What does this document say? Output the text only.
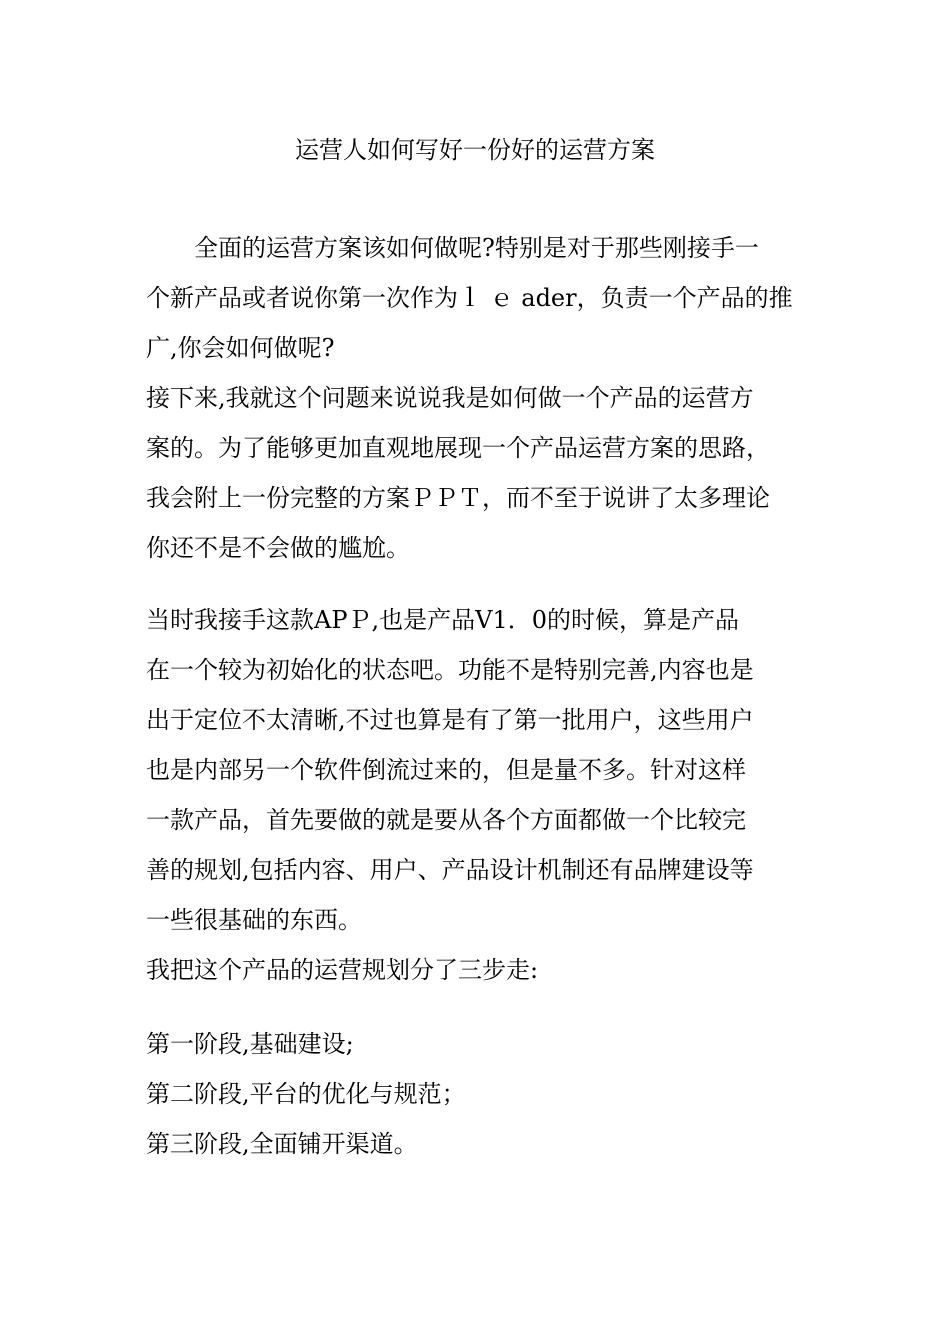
运营人如何写好一份好的运营方案
全面的运营方案该如何做呢?特别是对于那些刚接手一
个新产品或者说你第一次作为ｌ ｅ ader，负责一个产品的推
广,你会如何做呢?
接下来,我就这个问题来说说我是如何做一个产品的运营方
案的。为了能够更加直观地展现一个产品运营方案的思路，
我会附上一份完整的方案ＰＰＴ，而不至于说讲了太多理论
你还不是不会做的尴尬。
当时我接手这款APＰ,也是产品V1．0的时候，算是产品
在一个较为初始化的状态吧。功能不是特别完善,内容也是
出于定位不太清晰,不过也算是有了第一批用户，这些用户
也是内部另一个软件倒流过来的，但是量不多。针对这样
一款产品，首先要做的就是要从各个方面都做一个比较完
善的规划,包括内容、用户、产品设计机制还有品牌建设等
一些很基础的东西。
我把这个产品的运营规划分了三步走:
第一阶段,基础建设;
第二阶段,平台的优化与规范；
第三阶段,全面铺开渠道。
